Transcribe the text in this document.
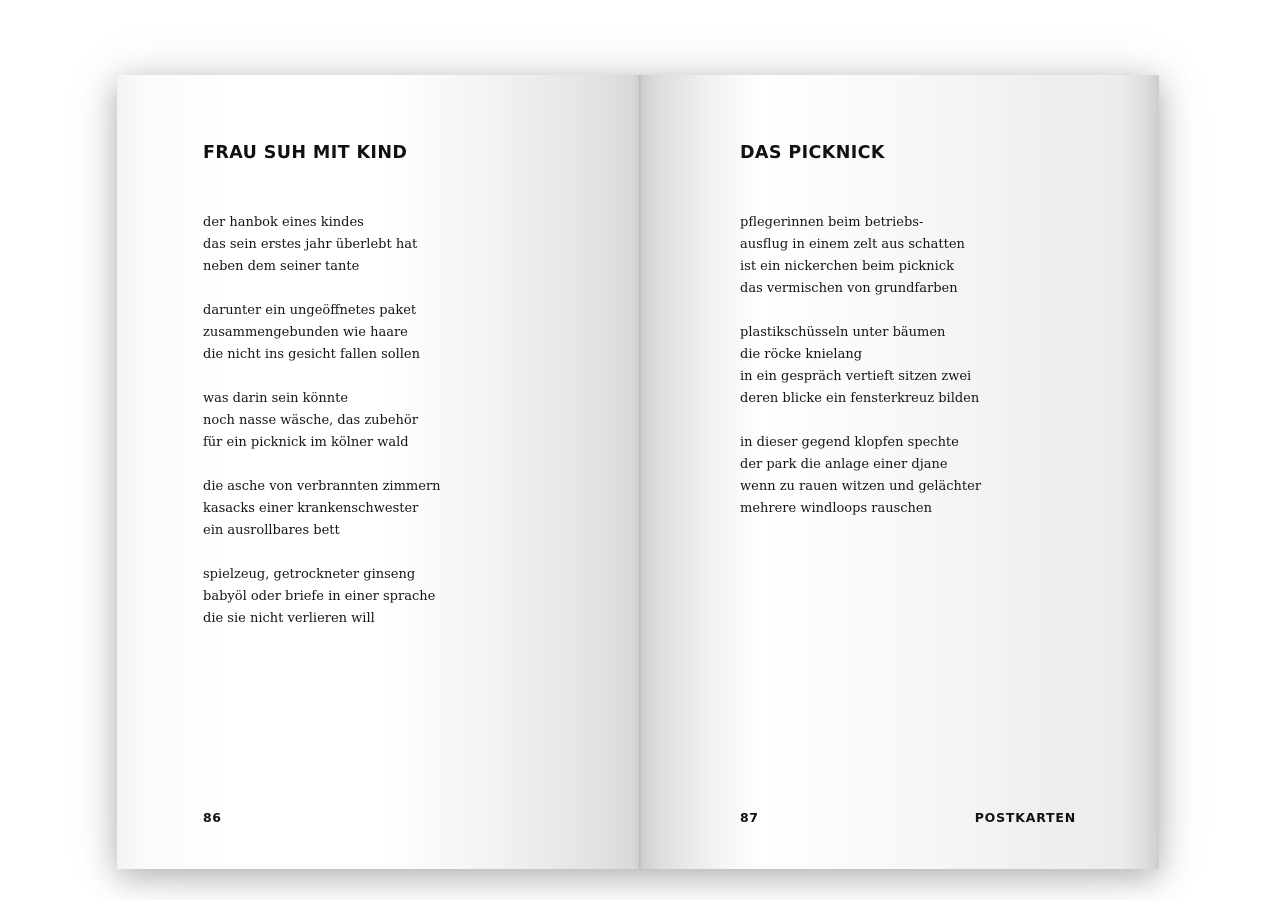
FRAU SUH MIT KIND
der hanbok eines kindes
das sein erstes jahr überlebt hat
neben dem seiner tante
darunter ein ungeöffnetes paket
zusammengebunden wie haare
die nicht ins gesicht fallen sollen
was darin sein könnte
noch nasse wäsche, das zubehör
für ein picknick im kölner wald
die asche von verbrannten zimmern
kasacks einer krankenschwester
ein ausrollbares bett
spielzeug, getrockneter ginseng
babyöl oder briefe in einer sprache
die sie nicht verlieren will
86
DAS PICKNICK
pflegerinnen beim betriebs-
ausflug in einem zelt aus schatten
ist ein nickerchen beim picknick
das vermischen von grundfarben
plastikschüsseln unter bäumen
die röcke knielang
in ein gespräch vertieft sitzen zwei
deren blicke ein fensterkreuz bilden
in dieser gegend klopfen spechte
der park die anlage einer djane
wenn zu rauen witzen und gelächter
mehrere windloops rauschen
87	POSTKARTEN
